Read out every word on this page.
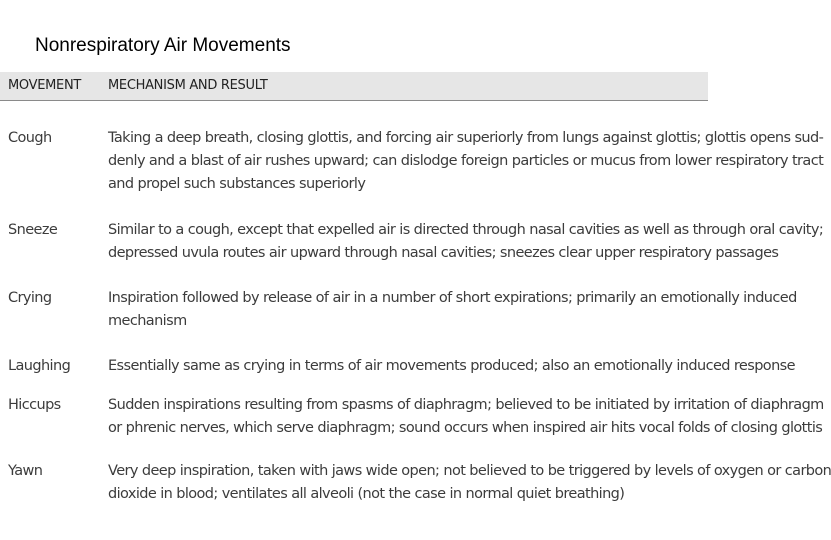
Nonrespiratory Air Movements
MOVEMENT MECHANISM AND RESULT
Cough	Taking a deep breath, closing glottis, and forcing air superiorly from lungs against glottis; glottis opens sud-
denly and a blast of air rushes upward; can dislodge foreign particles or mucus from lower respiratory tract
and propel such substances superiorly
Sneeze	Similar to a cough, except that expelled air is directed through nasal cavities as well as through oral cavity;
depressed uvula routes air upward through nasal cavities; sneezes clear upper respiratory passages
Crying	Inspiration followed by release of air in a number of short expirations; primarily an emotionally induced
mechanism
Laughing	Essentially same as crying in terms of air movements produced; also an emotionally induced response
Hiccups	Sudden inspirations resulting from spasms of diaphragm; believed to be initiated by irritation of diaphragm
or phrenic nerves, which serve diaphragm; sound occurs when inspired air hits vocal folds of closing glottis
Yawn	Very deep inspiration, taken with jaws wide open; not believed to be triggered by levels of oxygen or carbon
dioxide in blood; ventilates all alveoli (not the case in normal quiet breathing)
